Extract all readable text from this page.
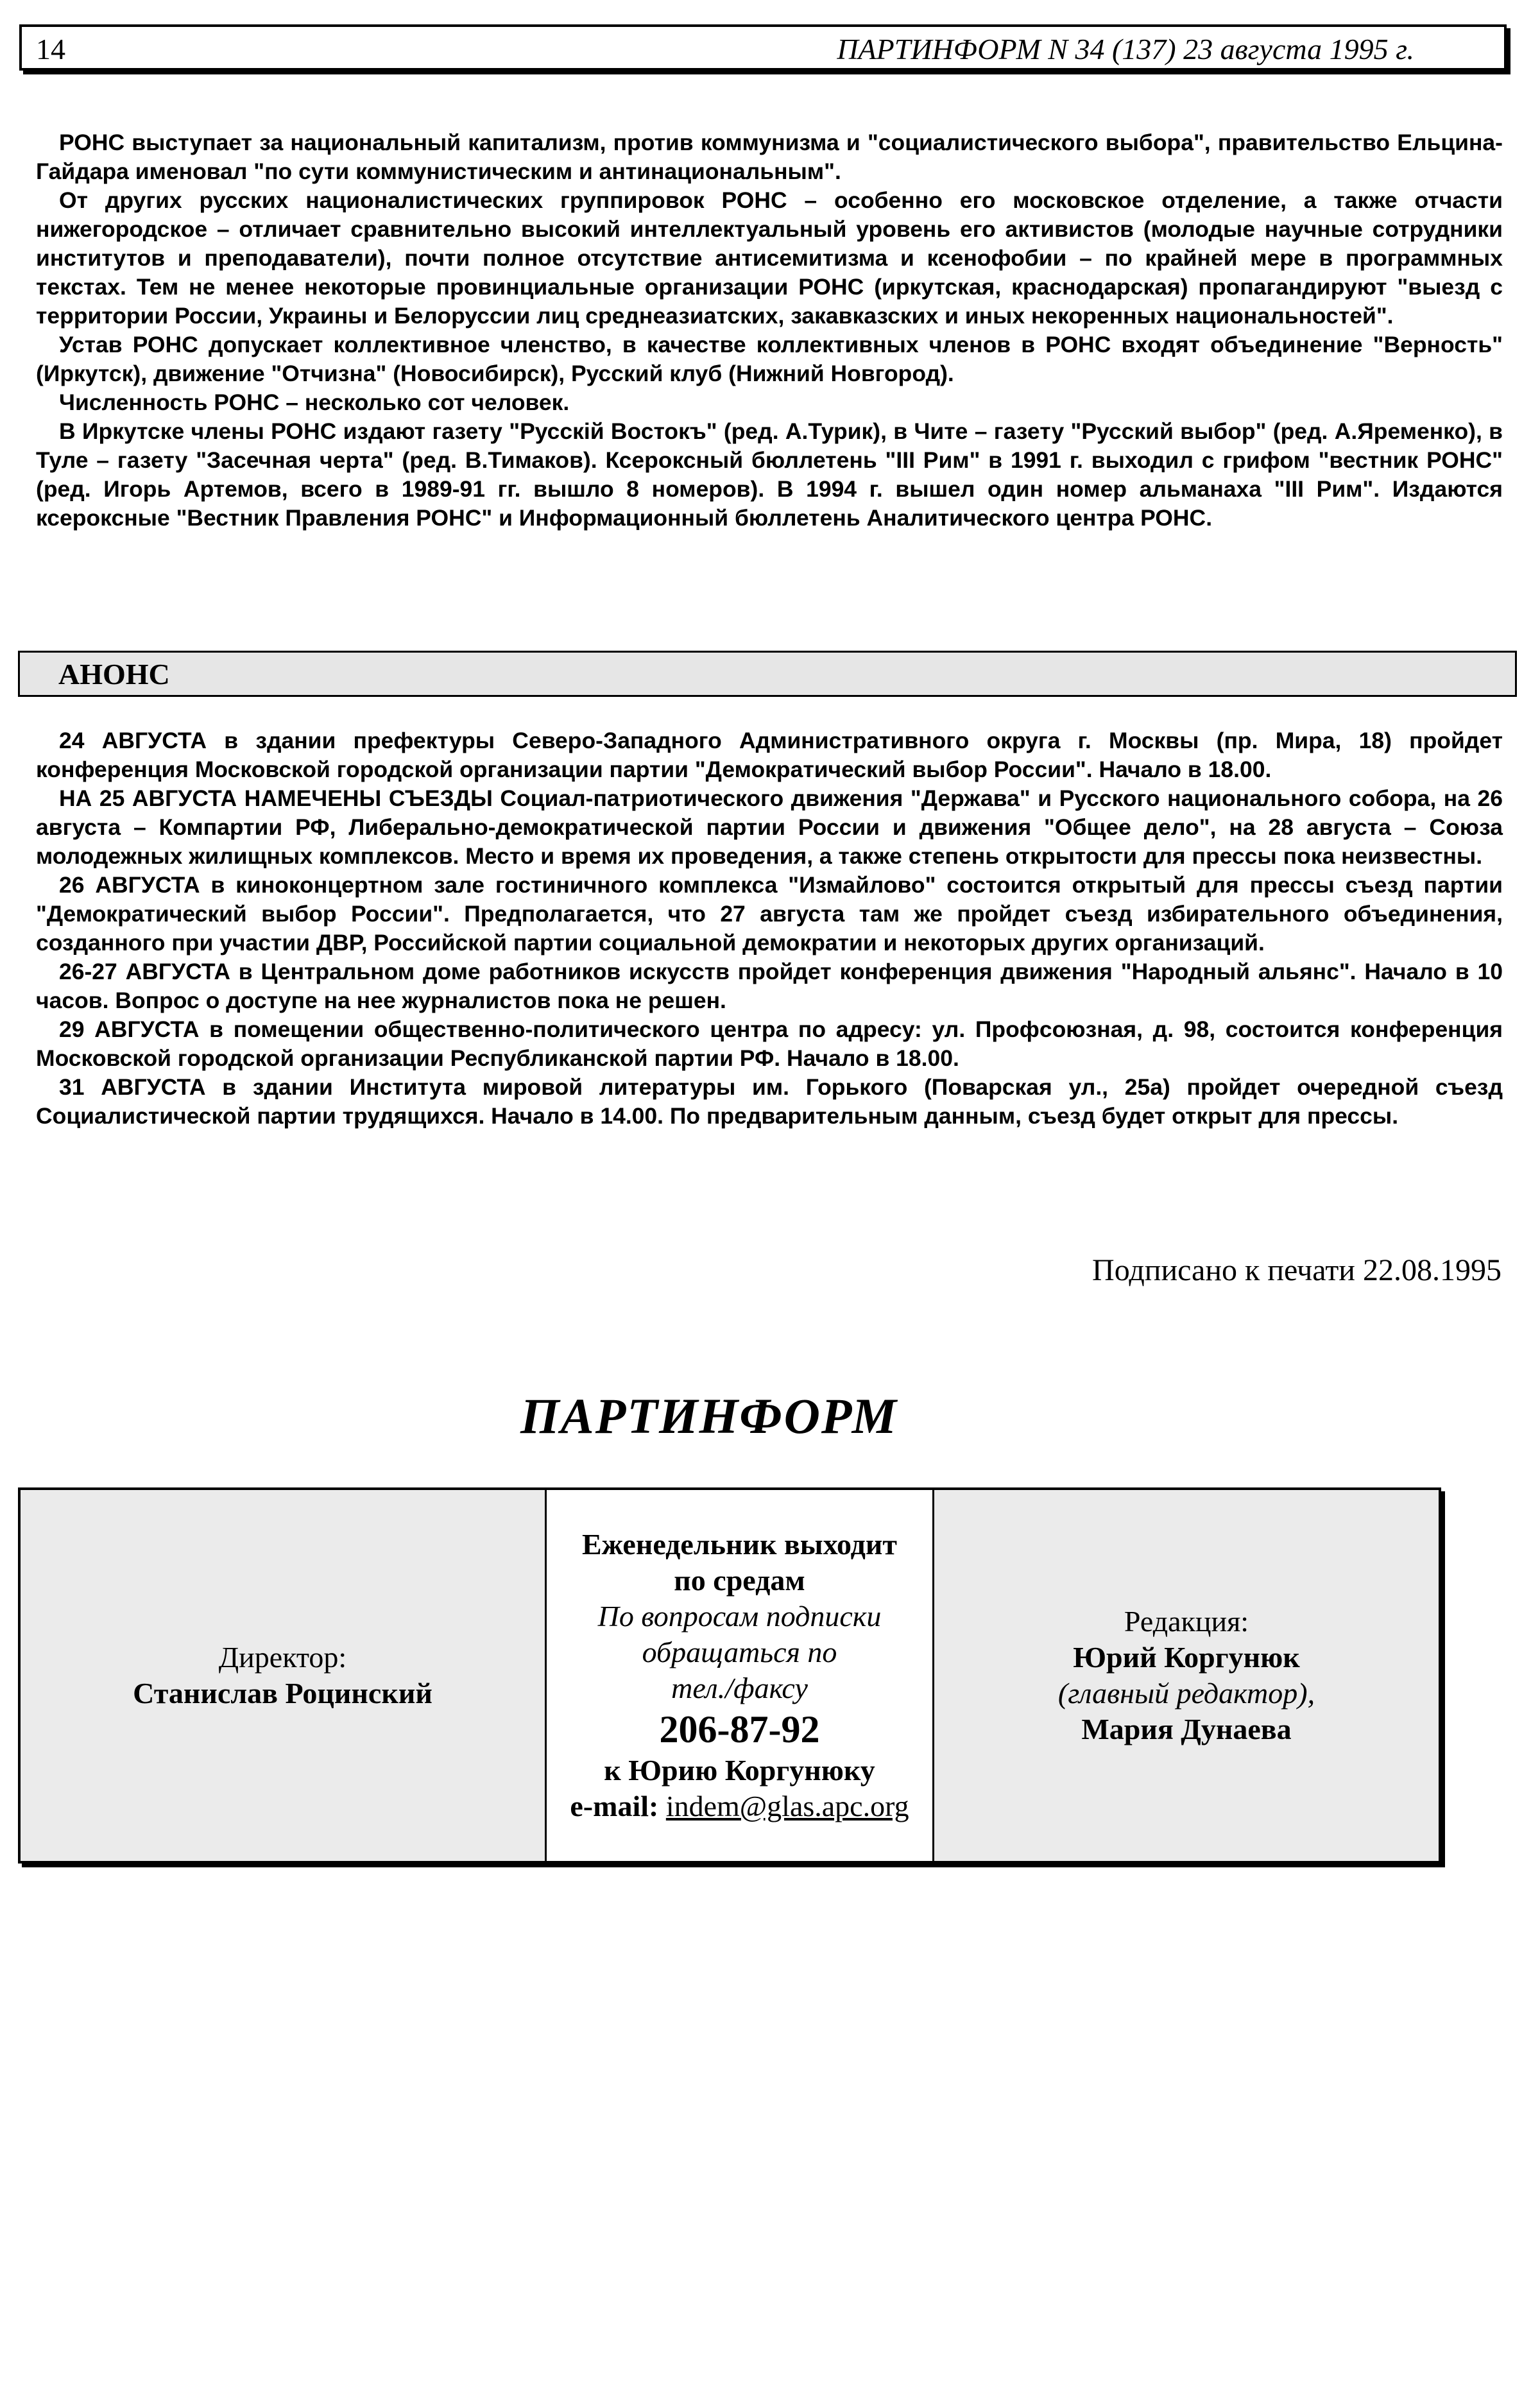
14	ПАРТИНФОРМ N 34 (137) 23 августа 1995 г.

РОНС выступает за национальный капитализм, против коммунизма и "социалистического выбора", правительство Ельцина-Гайдара именовал "по сути коммунистическим и антинациональным".

От других русских националистических группировок РОНС – особенно его московское отделение, а также отчасти нижегородское – отличает сравнительно высокий интеллектуальный уровень его активистов (молодые научные сотрудники институтов и преподаватели), почти полное отсутствие антисемитизма и ксенофобии – по крайней мере в программных текстах. Тем не менее некоторые провинциальные организации РОНС (иркутская, краснодарская) пропагандируют "выезд с территории России, Украины и Белоруссии лиц среднеазиатских, закавказских и иных некоренных национальностей".

Устав РОНС допускает коллективное членство, в качестве коллективных членов в РОНС входят объединение "Верность" (Иркутск), движение "Отчизна" (Новосибирск), Русский клуб (Нижний Новгород).

Численность РОНС – несколько сот человек.

В Иркутске члены РОНС издают газету "Русскiй Востокъ" (ред. А.Турик), в Чите – газету "Русский выбор" (ред. А.Яременко), в Туле – газету "Засечная черта" (ред. В.Тимаков). Ксероксный бюллетень "III Рим" в 1991 г. выходил с грифом "вестник РОНС" (ред. Игорь Артемов, всего в 1989-91 гг. вышло 8 номеров). В 1994 г. вышел один номер альманаха "III Рим". Издаются ксероксные "Вестник Правления РОНС" и Информационный бюллетень Аналитического центра РОНС.

АНОНС

24 АВГУСТА в здании префектуры Северо-Западного Административного округа г. Москвы (пр. Мира, 18) пройдет конференция Московской городской организации партии "Демократический выбор России". Начало в 18.00.

НА 25 АВГУСТА НАМЕЧЕНЫ СЪЕЗДЫ Социал-патриотического движения "Держава" и Русского национального собора, на 26 августа – Компартии РФ, Либерально-демократической партии России и движения "Общее дело", на 28 августа – Союза молодежных жилищных комплексов. Место и время их проведения, а также степень открытости для прессы пока неизвестны.

26 АВГУСТА в киноконцертном зале гостиничного комплекса "Измайлово" состоится открытый для прессы съезд партии "Демократический выбор России". Предполагается, что 27 августа там же пройдет съезд избирательного объединения, созданного при участии ДВР, Российской партии социальной демократии и некоторых других организаций.

26-27 АВГУСТА в Центральном доме работников искусств пройдет конференция движения "Народный альянс". Начало в 10 часов. Вопрос о доступе на нее журналистов пока не решен.

29 АВГУСТА в помещении общественно-политического центра по адресу: ул. Профсоюзная, д. 98, состоится конференция Московской городской организации Республиканской партии РФ. Начало в 18.00.

31 АВГУСТА в здании Института мировой литературы им. Горького (Поварская ул., 25а) пройдет очередной съезд Социалистической партии трудящихся. Начало в 14.00. По предварительным данным, съезд будет открыт для прессы.

Подписано к печати 22.08.1995
ПАРТИНФОРМ
Директор:
Станислав Роцинский
Еженедельник выходит
по средам
По вопросам подписки
обращаться по
тел./факсу
206-87-92
к Юрию Коргунюку
e-mail: indem@glas.apc.org
Редакция:
Юрий Коргунюк
(главный редактор),
Мария Дунаева
